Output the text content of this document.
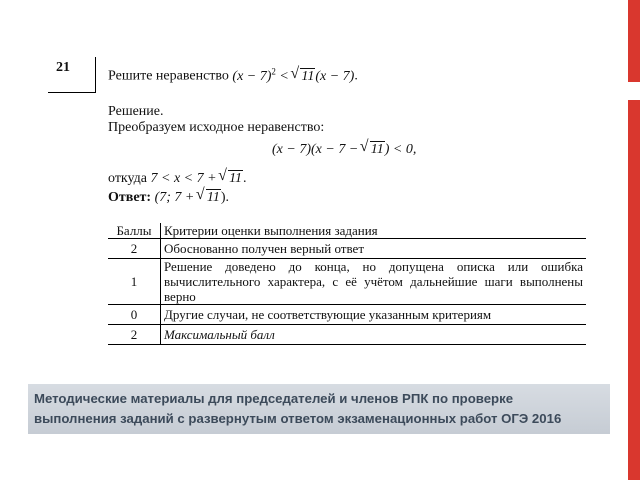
21
Решите неравенство $(x - 7)^2$ < √ 11(x − 7).
Решение.
Преобразуем исходное неравенство:
(x − 7)(x − 7 − √ 11) < 0,
откуда 7 < x < 7 + √ 11.
Ответ: (7; 7 + √ 11).
Баллы	Критерии оценки выполнения задания
2	Обоснованно получен верный ответ
1	Решение доведено до конца, но допущена описка или ошибка вычислительного характера, с её учётом дальнейшие шаги выполнены верно
0	Другие случаи, не соответствующие указанным критериям
2	Максимальный балл
Методические материалы для председателей и членов РПК по проверке
выполнения заданий с развернутым ответом экзаменационных работ ОГЭ 2016
